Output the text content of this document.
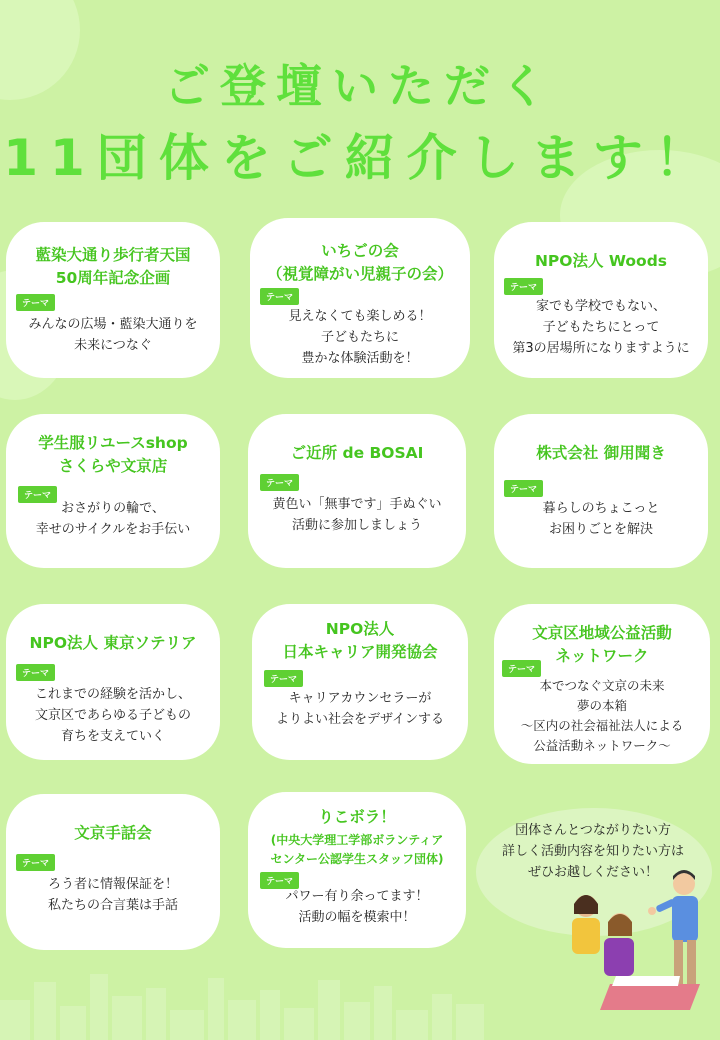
ご登壇いただく
11団体をご紹介します！
藍染大通り歩行者天国
50周年記念企画
テーマ
みんなの広場・藍染大通りを
未来につなぐ
いちごの会
（視覚障がい児親子の会）
テーマ
見えなくても楽しめる！
子どもたちに
豊かな体験活動を！
NPO法人 Woods
テーマ
家でも学校でもない、
子どもたちにとって
第3の居場所になりますように
学生服リユースshop
さくらや文京店
テーマ
おさがりの輪で、
幸せのサイクルをお手伝い
ご近所 de BOSAI
テーマ
黄色い「無事です」手ぬぐい
活動に参加しましょう
株式会社 御用聞き
テーマ
暮らしのちょこっと
お困りごとを解決
NPO法人 東京ソテリア
テーマ
これまでの経験を活かし、
文京区であらゆる子どもの
育ちを支えていく
NPO法人
日本キャリア開発協会
テーマ
キャリアカウンセラーが
よりよい社会をデザインする
文京区地域公益活動
ネットワーク
テーマ
本でつなぐ文京の未来
夢の本箱
〜区内の社会福祉法人による
公益活動ネットワーク〜
文京手話会
テーマ
ろう者に情報保証を！
私たちの合言葉は手話
りこボラ！
(中央大学理工学部ボランティア
センター公認学生スタッフ団体)
テーマ
パワー有り余ってます！
活動の幅を模索中！
団体さんとつながりたい方
詳しく活動内容を知りたい方は
ぜひお越しください！
